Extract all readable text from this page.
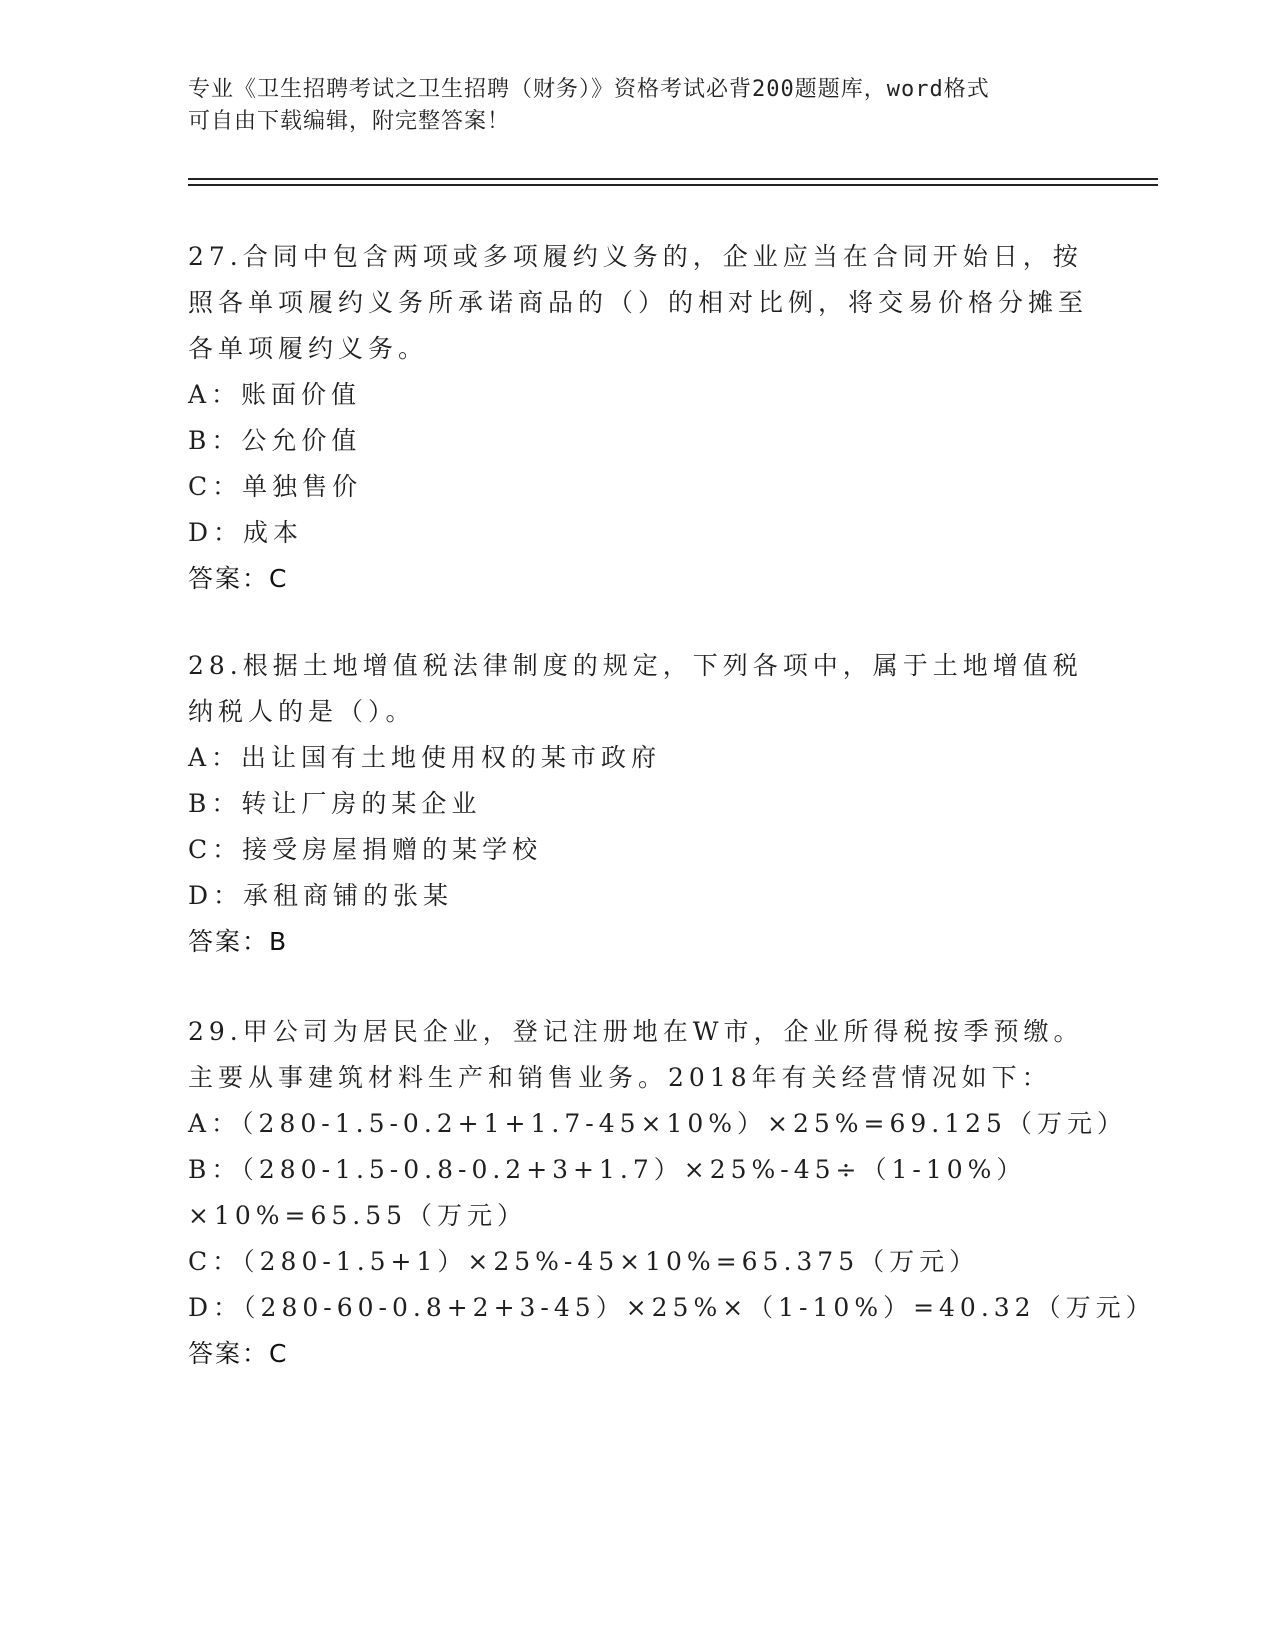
专业《卫生招聘考试之卫生招聘（财务）》资格考试必背200题题库，word格式
可自由下载编辑，附完整答案！

27.合同中包含两项或多项履约义务的，企业应当在合同开始日，按照各单项履约义务所承诺商品的（）的相对比例，将交易价格分摊至各单项履约义务。

A：账面价值

B：公允价值

C：单独售价

D：成本

答案：C

28.根据土地增值税法律制度的规定，下列各项中，属于土地增值税纳税人的是（）。

A：出让国有土地使用权的某市政府

B：转让厂房的某企业

C：接受房屋捐赠的某学校

D：承租商铺的张某

答案：B

29.甲公司为居民企业，登记注册地在W市，企业所得税按季预缴。主要从事建筑材料生产和销售业务。2018年有关经营情况如下：

A：（280-1.5-0.2+1+1.7-45×10%）×25%=69.125（万元）

B：（280-1.5-0.8-0.2+3+1.7）×25%-45÷（1-10%）×10%=65.55（万元）

C：（280-1.5+1）×25%-45×10%=65.375（万元）

D：（280-60-0.8+2+3-45）×25%×（1-10%）=40.32（万元）

答案：C
